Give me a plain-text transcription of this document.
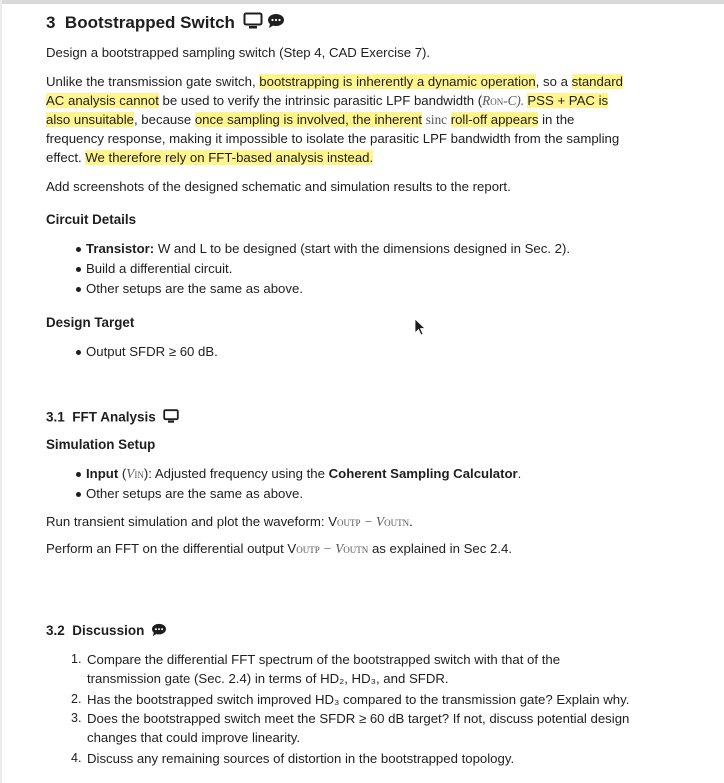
3 Bootstrapped Switch
Design a bootstrapped sampling switch (Step 4, CAD Exercise 7).
Unlike the transmission gate switch, bootstrapping is inherently a dynamic operation, so a standard
AC analysis cannot be used to verify the intrinsic parasitic LPF bandwidth (RON-C). PSS + PAC is
also unsuitable, because once sampling is involved, the inherent sinc roll-off appears in the
frequency response, making it impossible to isolate the parasitic LPF bandwidth from the sampling
effect. We therefore rely on FFT-based analysis instead.
Add screenshots of the designed schematic and simulation results to the report.
Circuit Details
Transistor: W and L to be designed (start with the dimensions designed in Sec. 2).
Build a differential circuit.
Other setups are the same as above.
Design Target
Output SFDR ≥ 60 dB.
3.1 FFT Analysis
Simulation Setup
Input (VIN): Adjusted frequency using the Coherent Sampling Calculator.
Other setups are the same as above.
Run transient simulation and plot the waveform: VOUTP − VOUTN.
Perform an FFT on the differential output VOUTP − VOUTN as explained in Sec 2.4.
3.2 Discussion
1. Compare the differential FFT spectrum of the bootstrapped switch with that of the
transmission gate (Sec. 2.4) in terms of HD₂, HD₃, and SFDR.
2. Has the bootstrapped switch improved HD₃ compared to the transmission gate? Explain why.
3. Does the bootstrapped switch meet the SFDR ≥ 60 dB target? If not, discuss potential design
changes that could improve linearity.
4. Discuss any remaining sources of distortion in the bootstrapped topology.
